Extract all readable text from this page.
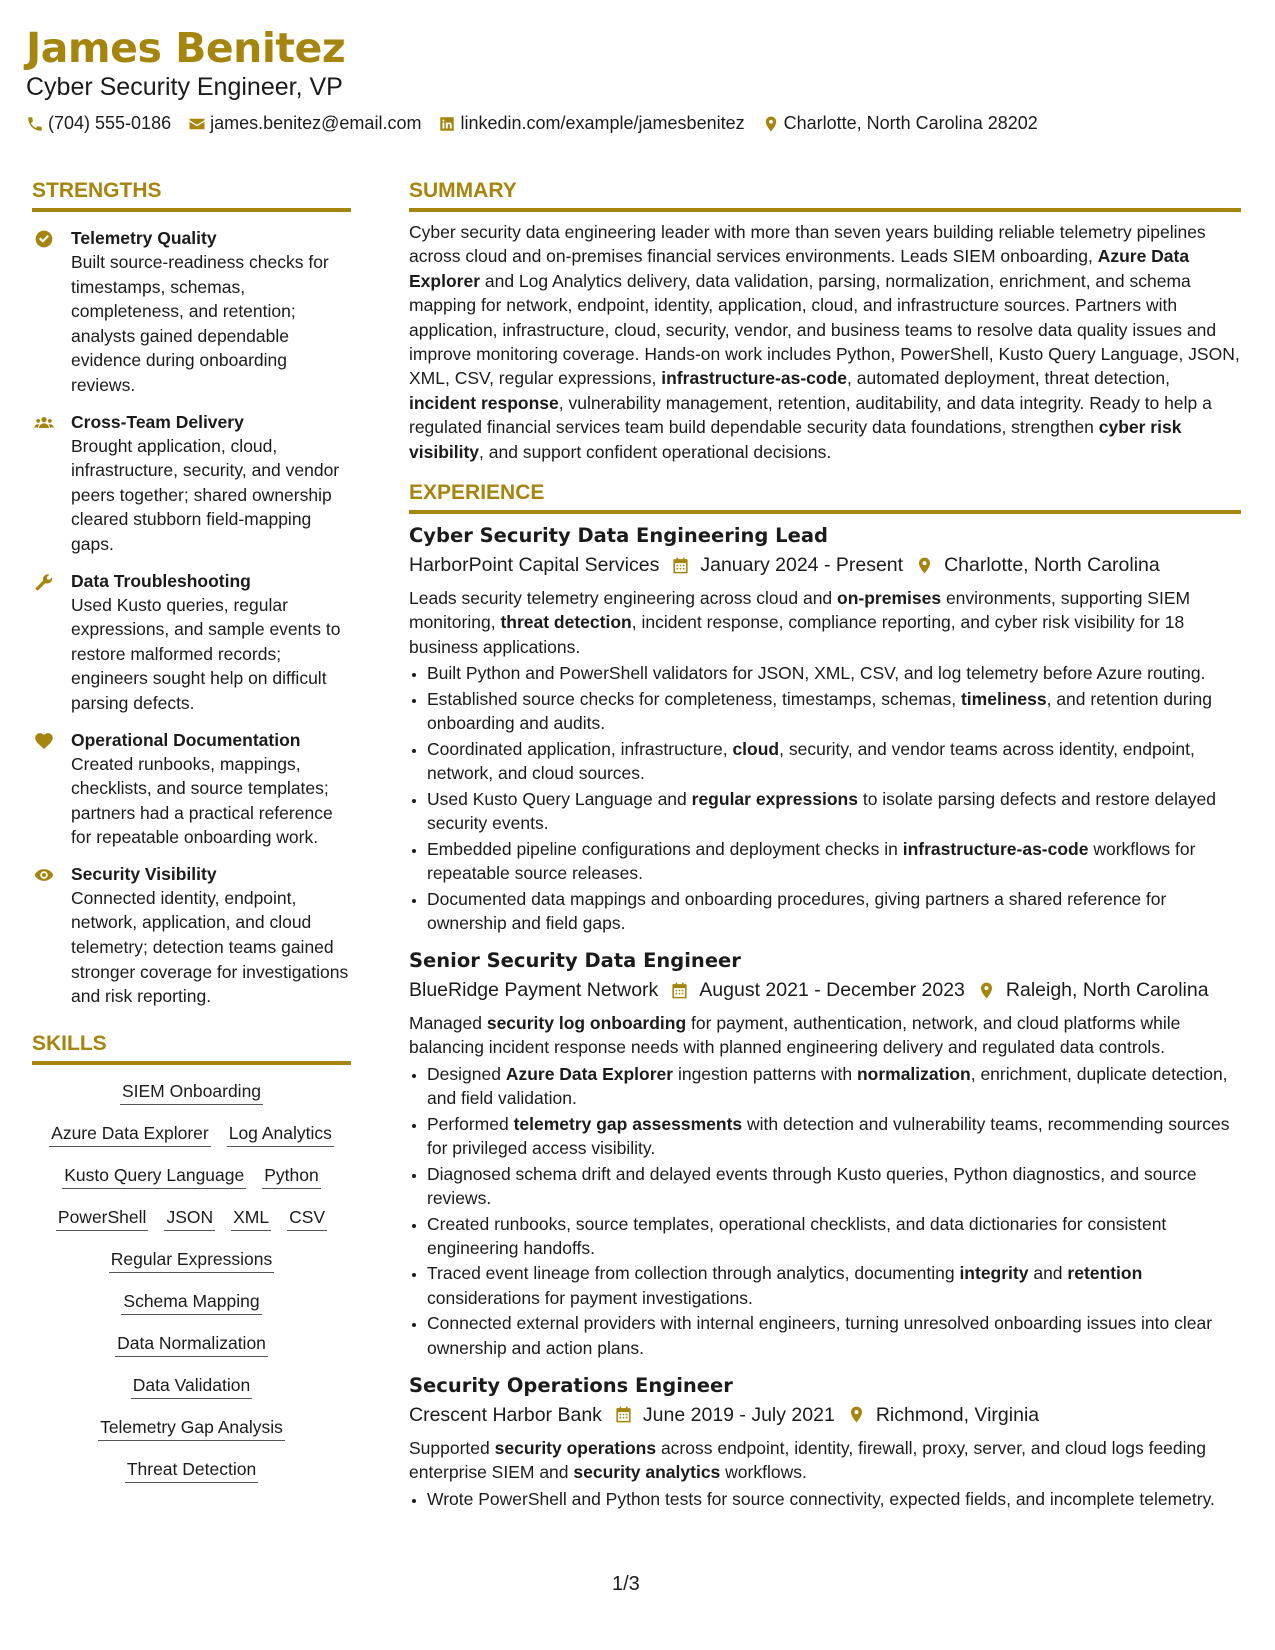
James Benitez
Cyber Security Engineer, VP
(704) 555-0186 james.benitez@email.com linkedin.com/example/jamesbenitez Charlotte, North Carolina 28202
STRENGTHS
Telemetry Quality
Built source-readiness checks for timestamps, schemas, completeness, and retention; analysts gained dependable evidence during onboarding reviews.
Cross-Team Delivery
Brought application, cloud, infrastructure, security, and vendor peers together; shared ownership cleared stubborn field-mapping gaps.
Data Troubleshooting
Used Kusto queries, regular expressions, and sample events to restore malformed records; engineers sought help on difficult parsing defects.
Operational Documentation
Created runbooks, mappings, checklists, and source templates; partners had a practical reference for repeatable onboarding work.
Security Visibility
Connected identity, endpoint, network, application, and cloud telemetry; detection teams gained stronger coverage for investigations and risk reporting.
SKILLS
SIEM Onboarding
Azure Data Explorer Log Analytics
Kusto Query Language Python
PowerShell JSON XML CSV
Regular Expressions
Schema Mapping
Data Normalization
Data Validation
Telemetry Gap Analysis
Threat Detection
SUMMARY

Cyber security data engineering leader with more than seven years building reliable telemetry pipelines across cloud and on-premises financial services environments. Leads SIEM onboarding, Azure Data Explorer and Log Analytics delivery, data validation, parsing, normalization, enrichment, and schema mapping for network, endpoint, identity, application, cloud, and infrastructure sources. Partners with application, infrastructure, cloud, security, vendor, and business teams to resolve data quality issues and improve monitoring coverage. Hands-on work includes Python, PowerShell, Kusto Query Language, JSON, XML, CSV, regular expressions, infrastructure-as-code, automated deployment, threat detection, incident response, vulnerability management, retention, auditability, and data integrity. Ready to help a regulated financial services team build dependable security data foundations, strengthen cyber risk visibility, and support confident operational decisions.

EXPERIENCE
Cyber Security Data Engineering Lead
HarborPoint Capital Services January 2024 - Present Charlotte, North Carolina

Leads security telemetry engineering across cloud and on-premises environments, supporting SIEM monitoring, threat detection, incident response, compliance reporting, and cyber risk visibility for 18 business applications.

• Built Python and PowerShell validators for JSON, XML, CSV, and log telemetry before Azure routing.
• Established source checks for completeness, timestamps, schemas, timeliness, and retention during onboarding and audits.
• Coordinated application, infrastructure, cloud, security, and vendor teams across identity, endpoint, network, and cloud sources.
• Used Kusto Query Language and regular expressions to isolate parsing defects and restore delayed security events.
• Embedded pipeline configurations and deployment checks in infrastructure-as-code workflows for repeatable source releases.
• Documented data mappings and onboarding procedures, giving partners a shared reference for ownership and field gaps.
Senior Security Data Engineer
BlueRidge Payment Network August 2021 - December 2023 Raleigh, North Carolina

Managed security log onboarding for payment, authentication, network, and cloud platforms while balancing incident response needs with planned engineering delivery and regulated data controls.

• Designed Azure Data Explorer ingestion patterns with normalization, enrichment, duplicate detection, and field validation.
• Performed telemetry gap assessments with detection and vulnerability teams, recommending sources for privileged access visibility.
• Diagnosed schema drift and delayed events through Kusto queries, Python diagnostics, and source reviews.
• Created runbooks, source templates, operational checklists, and data dictionaries for consistent engineering handoffs.
• Traced event lineage from collection through analytics, documenting integrity and retention considerations for payment investigations.
• Connected external providers with internal engineers, turning unresolved onboarding issues into clear ownership and action plans.
Security Operations Engineer
Crescent Harbor Bank June 2019 - July 2021 Richmond, Virginia

Supported security operations across endpoint, identity, firewall, proxy, server, and cloud logs feeding enterprise SIEM and security analytics workflows.

• Wrote PowerShell and Python tests for source connectivity, expected fields, and incomplete telemetry.
1/3
